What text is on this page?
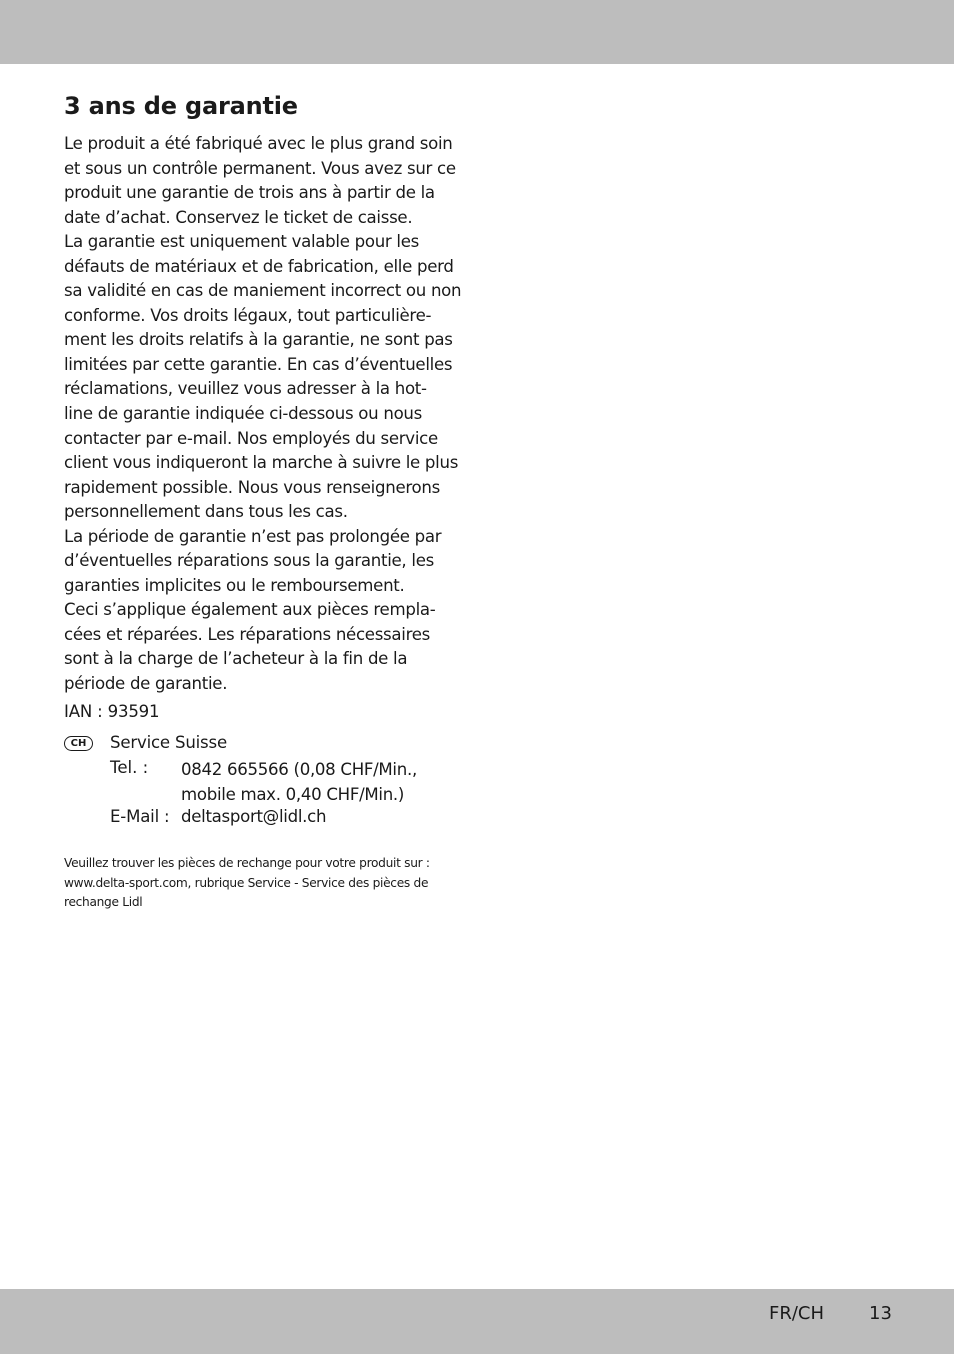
3 ans de garantie
Le produit a été fabriqué avec le plus grand soin
et sous un contrôle permanent. Vous avez sur ce
produit une garantie de trois ans à partir de la
date d’achat. Conservez le ticket de caisse.
La garantie est uniquement valable pour les
défauts de matériaux et de fabrication, elle perd
sa validité en cas de maniement incorrect ou non
conforme. Vos droits légaux, tout particulière-
ment les droits relatifs à la garantie, ne sont pas
limitées par cette garantie. En cas d’éventuelles
réclamations, veuillez vous adresser à la hot-
line de garantie indiquée ci-dessous ou nous
contacter par e-mail. Nos employés du service
client vous indiqueront la marche à suivre le plus
rapidement possible. Nous vous renseignerons
personnellement dans tous les cas.
La période de garantie n’est pas prolongée par
d’éventuelles réparations sous la garantie, les
garanties implicites ou le remboursement.
Ceci s’applique également aux pièces rempla-
cées et réparées. Les réparations nécessaires
sont à la charge de l’acheteur à la fin de la
période de garantie.
IAN : 93591
CH	Service Suisse
Tel. : 0842 665566 (0,08 CHF/Min.,
mobile max. 0,40 CHF/Min.)
E-Mail : deltasport@lidl.ch
Veuillez trouver les pièces de rechange pour votre produit sur :
www.delta-sport.com, rubrique Service - Service des pièces de
rechange Lidl
FR/CH 13
